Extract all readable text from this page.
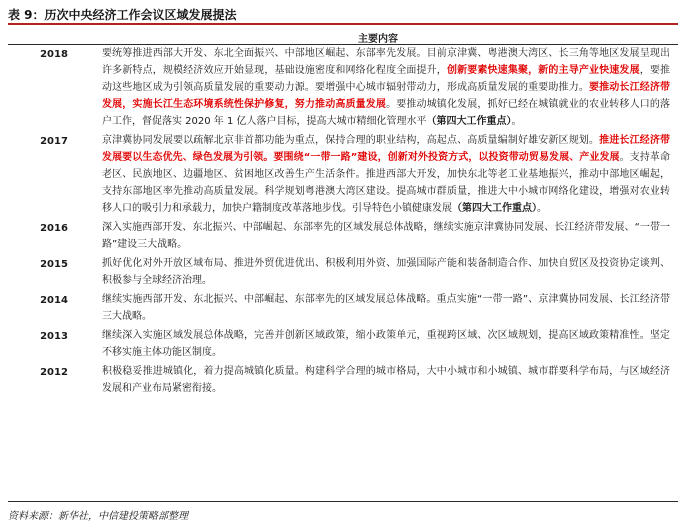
表 9：历次中央经济工作会议区域发展提法
主要内容
2018	要统筹推进西部大开发、东北全面振兴、中部地区崛起、东部率先发展。目前京津冀、粤港澳大湾区、长三角等地区发展呈现出许多新特点，规模经济效应开始显现，基础设施密度和网络化程度全面提升，创新要素快速集聚，新的主导产业快速发展，要推动这些地区成为引领高质量发展的重要动力源。要增强中心城市辐射带动力，形成高质量发展的重要助推力。要推动长江经济带发展，实施长江生态环境系统性保护修复，努力推动高质量发展。要推动城镇化发展，抓好已经在城镇就业的农业转移人口的落户工作，督促落实 2020 年 1 亿人落户目标，提高大城市精细化管理水平（第四大工作重点）。
2017	京津冀协同发展要以疏解北京非首都功能为重点，保持合理的职业结构，高起点、高质量编制好雄安新区规划。推进长江经济带发展要以生态优先、绿色发展为引领。要围绕“一带一路”建设，创新对外投资方式，以投资带动贸易发展、产业发展。支持革命老区、民族地区、边疆地区、贫困地区改善生产生活条件。推进西部大开发，加快东北等老工业基地振兴，推动中部地区崛起，支持东部地区率先推动高质量发展。科学规划粤港澳大湾区建设。提高城市群质量，推进大中小城市网络化建设，增强对农业转移人口的吸引力和承载力，加快户籍制度改革落地步伐。引导特色小镇健康发展（第四大工作重点）。
2016	深入实施西部开发、东北振兴、中部崛起、东部率先的区域发展总体战略，继续实施京津冀协同发展、长江经济带发展、“一带一路”建设三大战略。
2015	抓好优化对外开放区域布局、推进外贸优进优出、积极利用外资、加强国际产能和装备制造合作、加快自贸区及投资协定谈判、积极参与全球经济治理。
2014	继续实施西部开发、东北振兴、中部崛起、东部率先的区域发展总体战略。重点实施“一带一路”、京津冀协同发展、长江经济带三大战略。
2013	继续深入实施区域发展总体战略，完善并创新区域政策，缩小政策单元，重视跨区域、次区域规划，提高区域政策精准性。坚定不移实施主体功能区制度。
2012	积极稳妥推进城镇化，着力提高城镇化质量。构建科学合理的城市格局，大中小城市和小城镇、城市群要科学布局，与区域经济发展和产业布局紧密衔接。
资料来源：新华社，中信建投策略部整理
